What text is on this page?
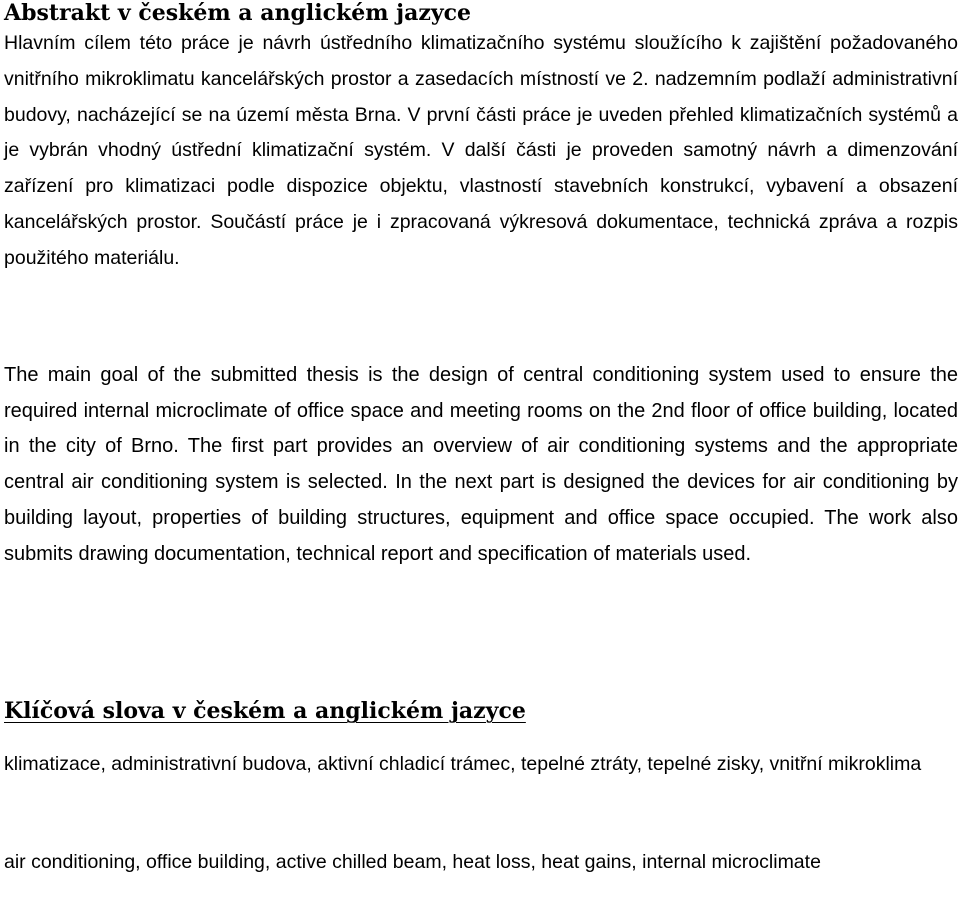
Abstrakt v českém a anglickém jazyce

Hlavním cílem této práce je návrh ústředního klimatizačního systému sloužícího k zajištění požadovaného vnitřního mikroklimatu kancelářských prostor a zasedacích místností ve 2. nadzemním podlaží administrativní budovy, nacházející se na území města Brna. V první části práce je uveden přehled klimatizačních systémů a je vybrán vhodný ústřední klimatizační systém. V další části je proveden samotný návrh a dimenzování zařízení pro klimatizaci podle dispozice objektu, vlastností stavebních konstrukcí, vybavení a obsazení kancelářských prostor. Součástí práce je i zpracovaná výkresová dokumentace, technická zpráva a rozpis použitého materiálu.

The main goal of the submitted thesis is the design of central conditioning system used to ensure the required internal microclimate of office space and meeting rooms on the 2nd floor of office building, located in the city of Brno. The first part provides an overview of air conditioning systems and the appropriate central air conditioning system is selected. In the next part is designed the devices for air conditioning by building layout, properties of building structures, equipment and office space occupied. The work also submits drawing documentation, technical report and specification of materials used.

Klíčová slova v českém a anglickém jazyce

klimatizace, administrativní budova, aktivní chladicí trámec, tepelné ztráty, tepelné zisky, vnitřní mikroklima

air conditioning, office building, active chilled beam, heat loss, heat gains, internal microclimate
